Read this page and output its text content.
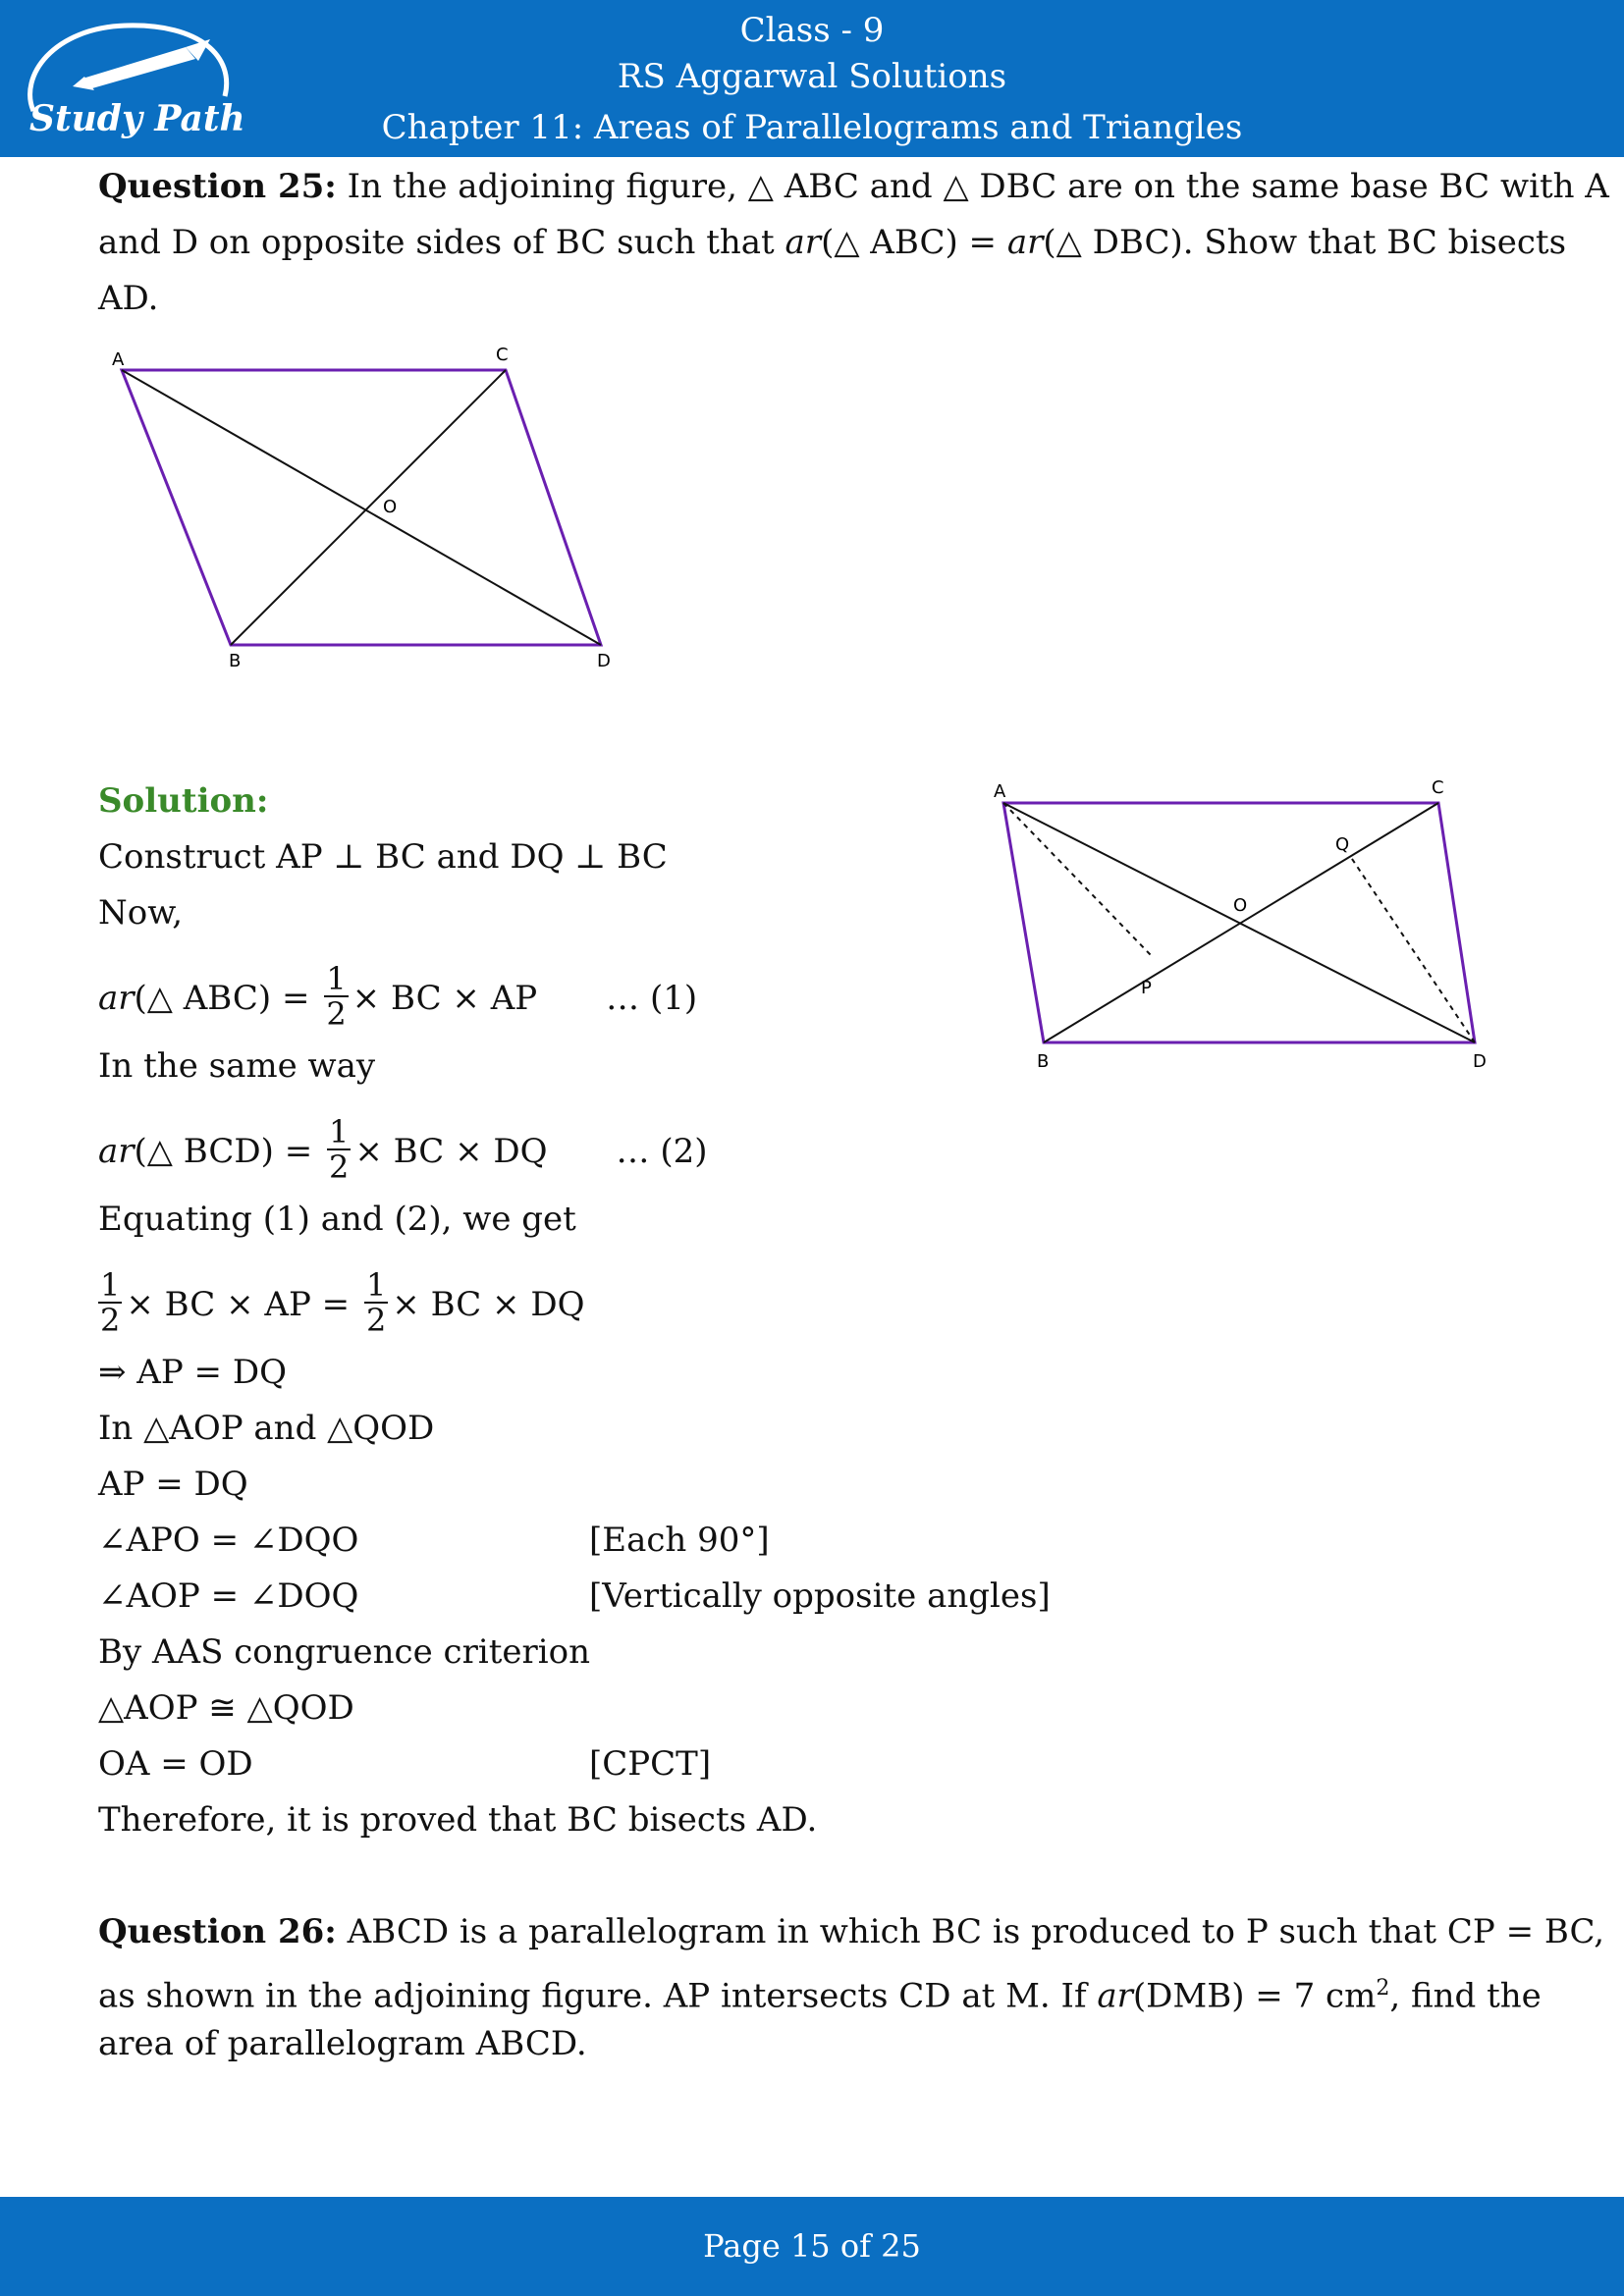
Study Path
Class - 9
RS Aggarwal Solutions
Chapter 11: Areas of Parallelograms and Triangles
Question 25: In the adjoining figure, △ ABC and △ DBC are on the same base BC with A
and D on opposite sides of BC such that ar(△ ABC) = ar(△ DBC). Show that BC bisects
AD.
Solution:
Construct AP ⊥ BC and DQ ⊥ BC
Now,
ar(△ $ABC) = \frac{1}{2}$ × BC × AP … (1)
In the same way
ar(△ $BCD) = \frac{1}{2}$ × BC × DQ … (2)
Equating (1) and (2), we get
$\frac{1}{2}$ × BC × AP = $\frac{1}{2}$ × BC × DQ
⇒ AP = DQ
In △AOP and △QOD
AP = DQ
∠APO = ∠DQO	[Each 90°]
∠AOP = ∠DOQ	[Vertically opposite angles]
By AAS congruence criterion
△AOP ≅ △QOD
OA = OD	[CPCT]
Therefore, it is proved that BC bisects AD.
Question 26: ABCD is a parallelogram in which BC is produced to P such that CP = BC,
as shown in the adjoining figure. AP intersects CD at M. If ar(DMB) = 7 $cm^2$, find the
area of parallelogram ABCD.
A	C
O
B	D
A	C
Q
O
P
B	D
Page 15 of 25
